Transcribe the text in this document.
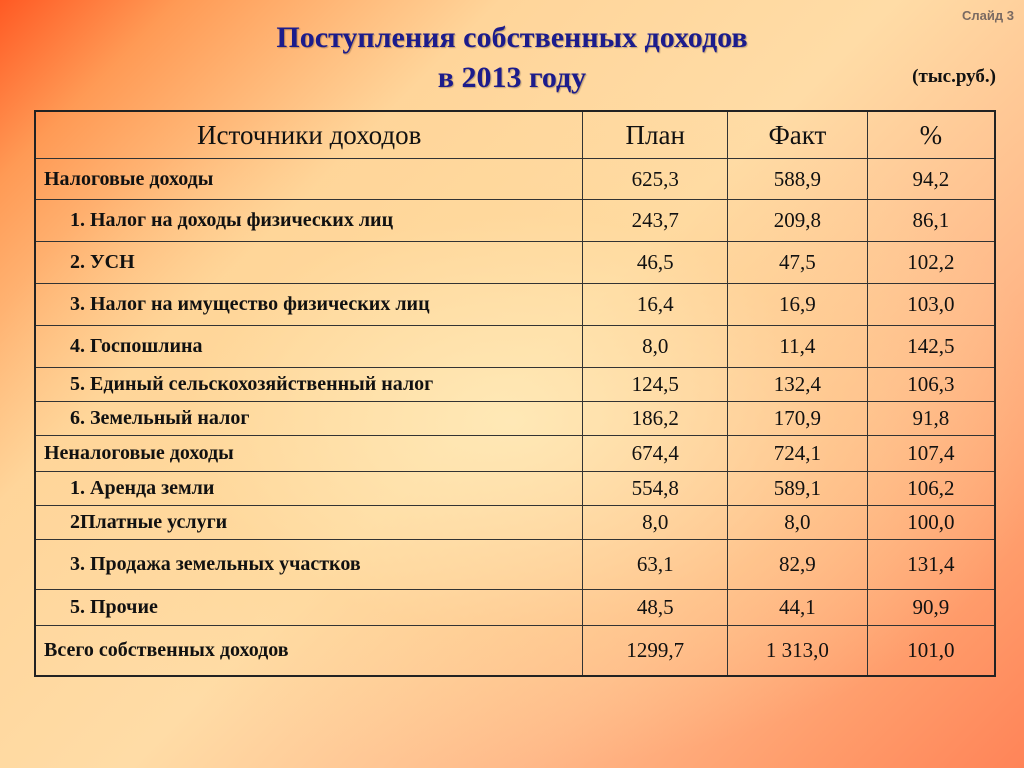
Слайд 3
Поступления собственных доходов
в 2013 году	(тыс.руб.)
Источники доходов	План	Факт	%
Налоговые доходы	625,3	588,9	94,2
1. Налог на доходы физических лиц	243,7	209,8	86,1
2. УСН	46,5	47,5	102,2
3. Налог на имущество физических лиц	16,4	16,9	103,0
4. Госпошлина	8,0	11,4	142,5
5. Единый сельскохозяйственный налог	124,5	132,4	106,3
6. Земельный налог	186,2	170,9	91,8
Неналоговые доходы	674,4	724,1	107,4
1. Аренда земли	554,8	589,1	106,2
2Платные услуги	8,0	8,0	100,0
3. Продажа земельных участков	63,1	82,9	131,4
5. Прочие	48,5	44,1	90,9
Всего собственных доходов	1299,7	1 313,0	101,0
